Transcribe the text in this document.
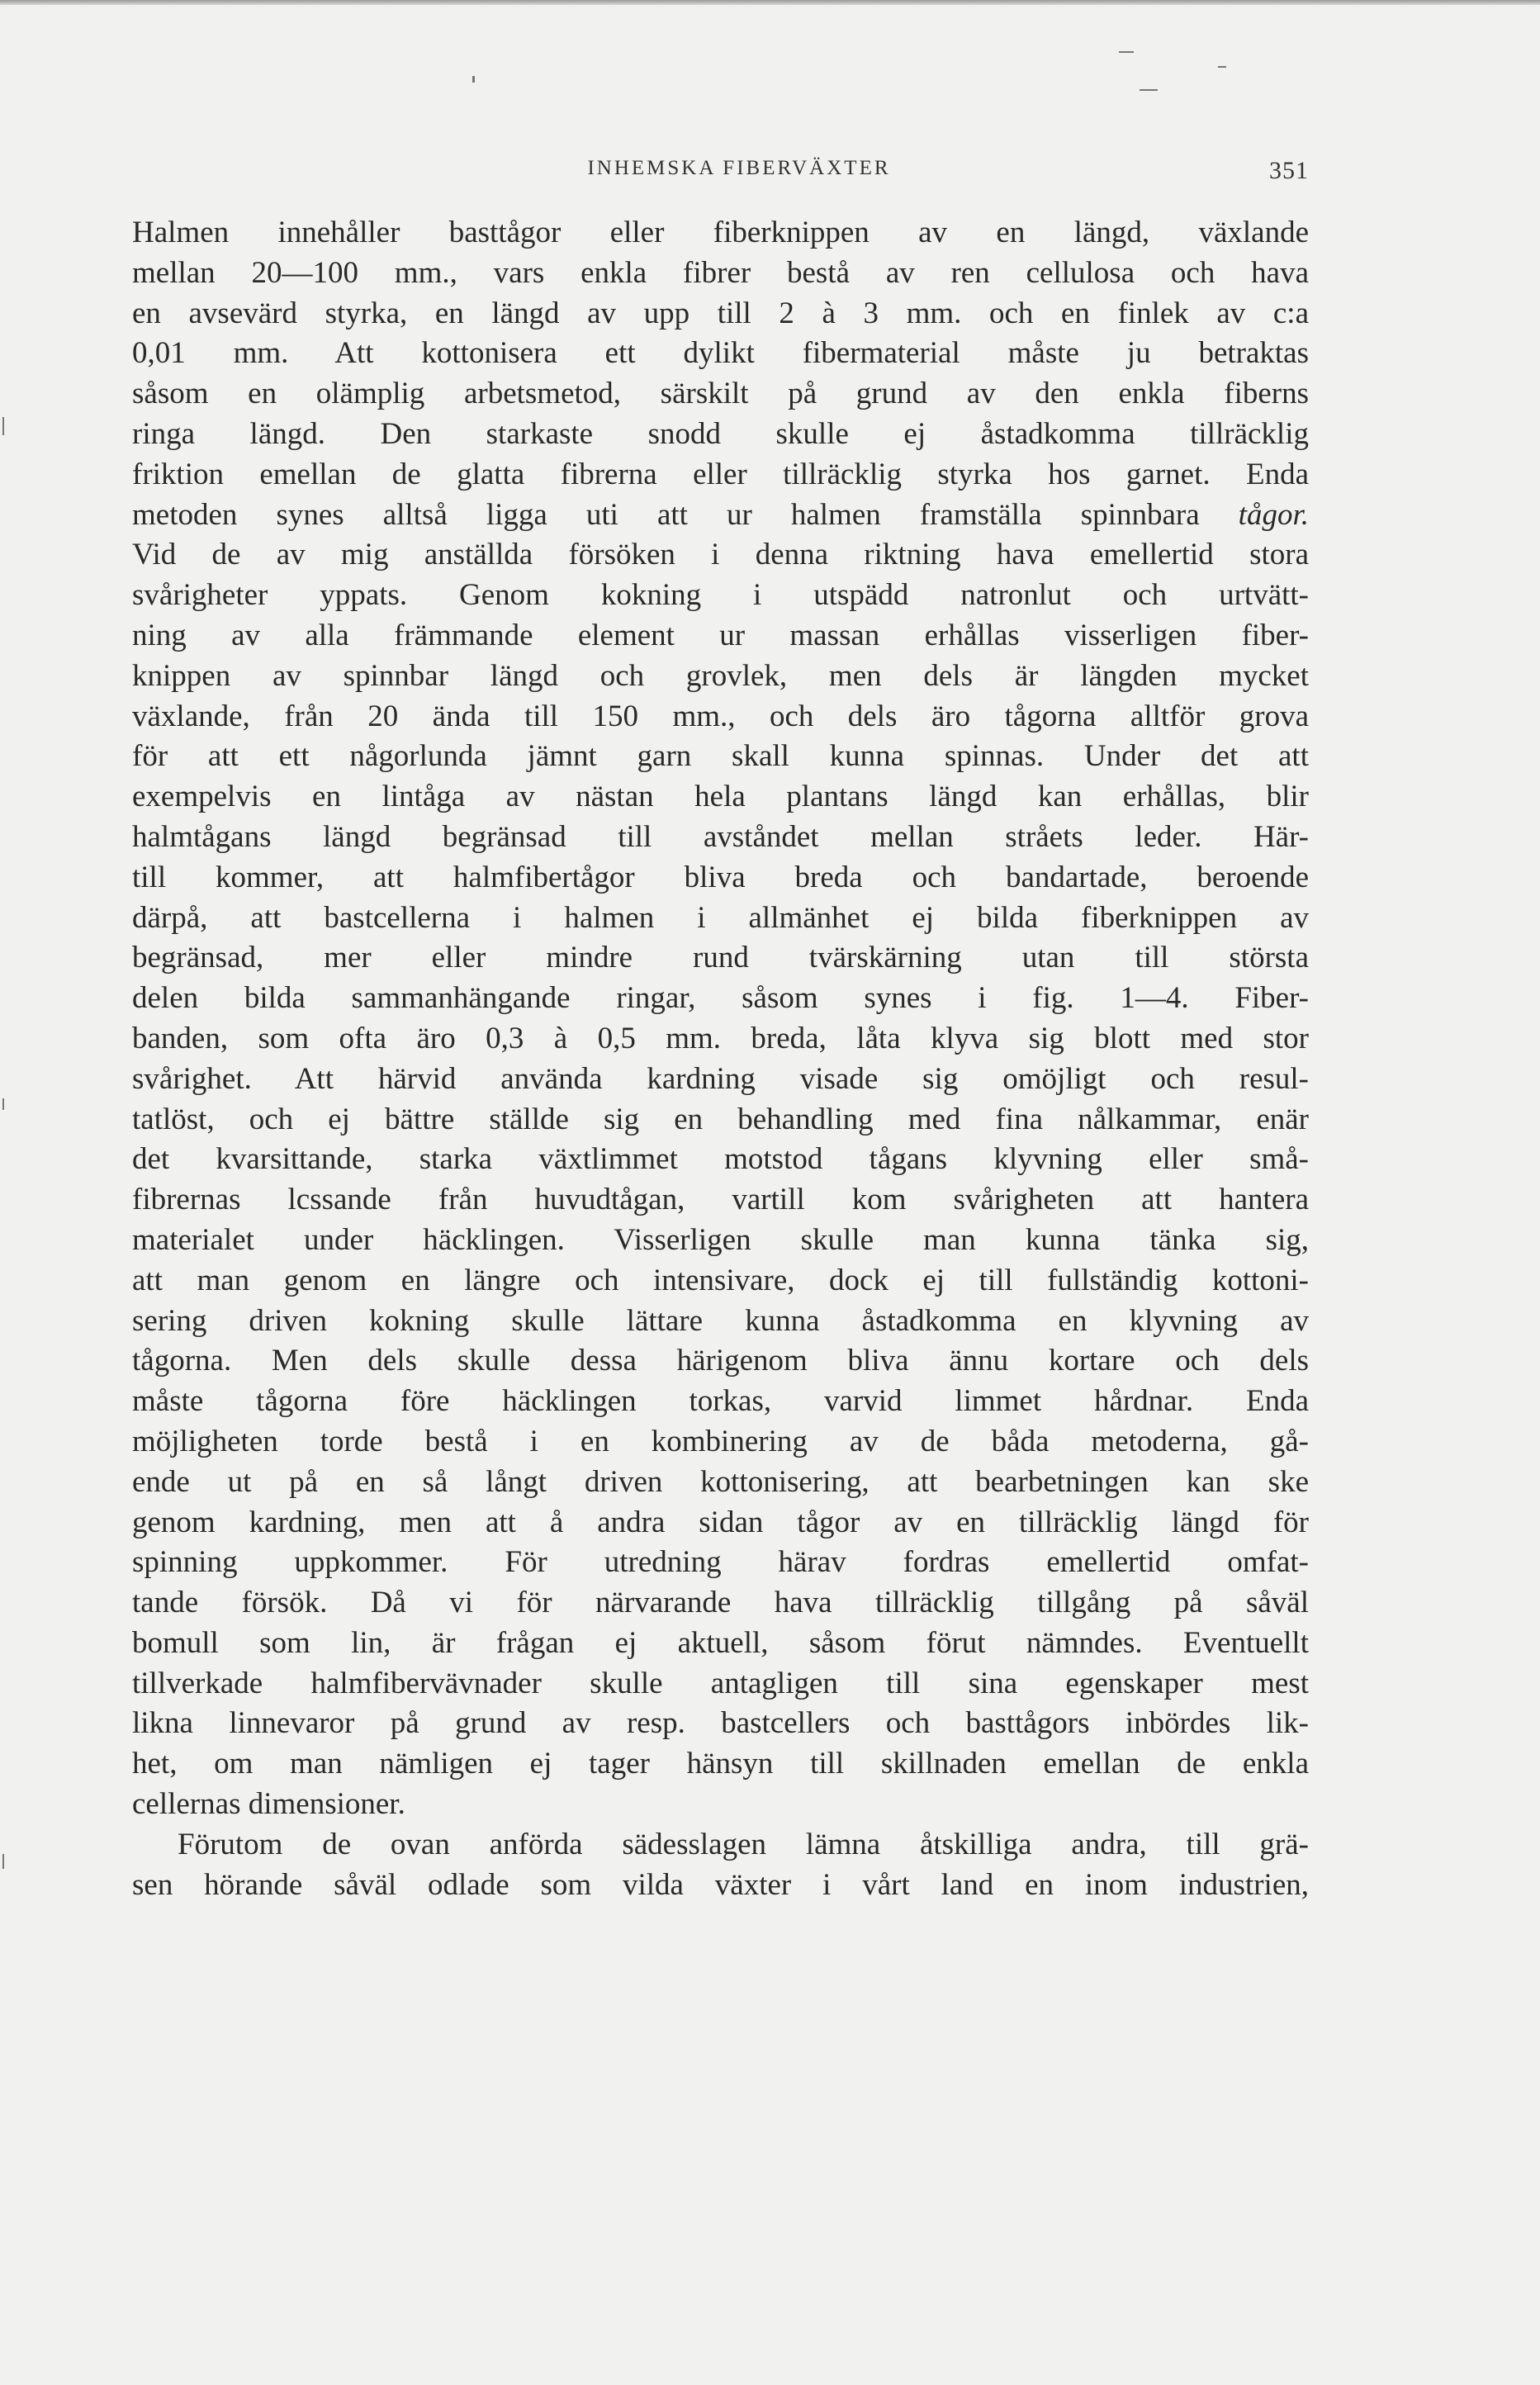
INHEMSKA FIBERVÄXTER	351
Halmen innehåller basttågor eller fiberknippen av en längd, växlande
mellan 20—100 mm., vars enkla fibrer bestå av ren cellulosa och hava
en avsevärd styrka, en längd av upp till 2 à 3 mm. och en finlek av c:a
0,01 mm. Att kottonisera ett dylikt fibermaterial måste ju betraktas
såsom en olämplig arbetsmetod, särskilt på grund av den enkla fiberns
ringa längd. Den starkaste snodd skulle ej åstadkomma tillräcklig
friktion emellan de glatta fibrerna eller tillräcklig styrka hos garnet. Enda
metoden synes alltså ligga uti att ur halmen framställa spinnbara tågor.
Vid de av mig anställda försöken i denna riktning hava emellertid stora
svårigheter yppats. Genom kokning i utspädd natronlut och urtvätt-
ning av alla främmande element ur massan erhållas visserligen fiber-
knippen av spinnbar längd och grovlek, men dels är längden mycket
växlande, från 20 ända till 150 mm., och dels äro tågorna alltför grova
för att ett någorlunda jämnt garn skall kunna spinnas. Under det att
exempelvis en lintåga av nästan hela plantans längd kan erhållas, blir
halmtågans längd begränsad till avståndet mellan stråets leder. Här-
till kommer, att halmfibertågor bliva breda och bandartade, beroende
därpå, att bastcellerna i halmen i allmänhet ej bilda fiberknippen av
begränsad, mer eller mindre rund tvärskärning utan till största
delen bilda sammanhängande ringar, såsom synes i fig. 1—4. Fiber-
banden, som ofta äro 0,3 à 0,5 mm. breda, låta klyva sig blott med stor
svårighet. Att härvid använda kardning visade sig omöjligt och resul-
tatlöst, och ej bättre ställde sig en behandling med fina nålkammar, enär
det kvarsittande, starka växtlimmet motstod tågans klyvning eller små-
fibrernas lcssande från huvudtågan, vartill kom svårigheten att hantera
materialet under häcklingen. Visserligen skulle man kunna tänka sig,
att man genom en längre och intensivare, dock ej till fullständig kottoni-
sering driven kokning skulle lättare kunna åstadkomma en klyvning av
tågorna. Men dels skulle dessa härigenom bliva ännu kortare och dels
måste tågorna före häcklingen torkas, varvid limmet hårdnar. Enda
möjligheten torde bestå i en kombinering av de båda metoderna, gå-
ende ut på en så långt driven kottonisering, att bearbetningen kan ske
genom kardning, men att å andra sidan tågor av en tillräcklig längd för
spinning uppkommer. För utredning härav fordras emellertid omfat-
tande försök. Då vi för närvarande hava tillräcklig tillgång på såväl
bomull som lin, är frågan ej aktuell, såsom förut nämndes. Eventuellt
tillverkade halmfibervävnader skulle antagligen till sina egenskaper mest
likna linnevaror på grund av resp. bastcellers och basttågors inbördes lik-
het, om man nämligen ej tager hänsyn till skillnaden emellan de enkla
cellernas dimensioner.
Förutom de ovan anförda sädesslagen lämna åtskilliga andra, till grä-
sen hörande såväl odlade som vilda växter i vårt land en inom industrien,
